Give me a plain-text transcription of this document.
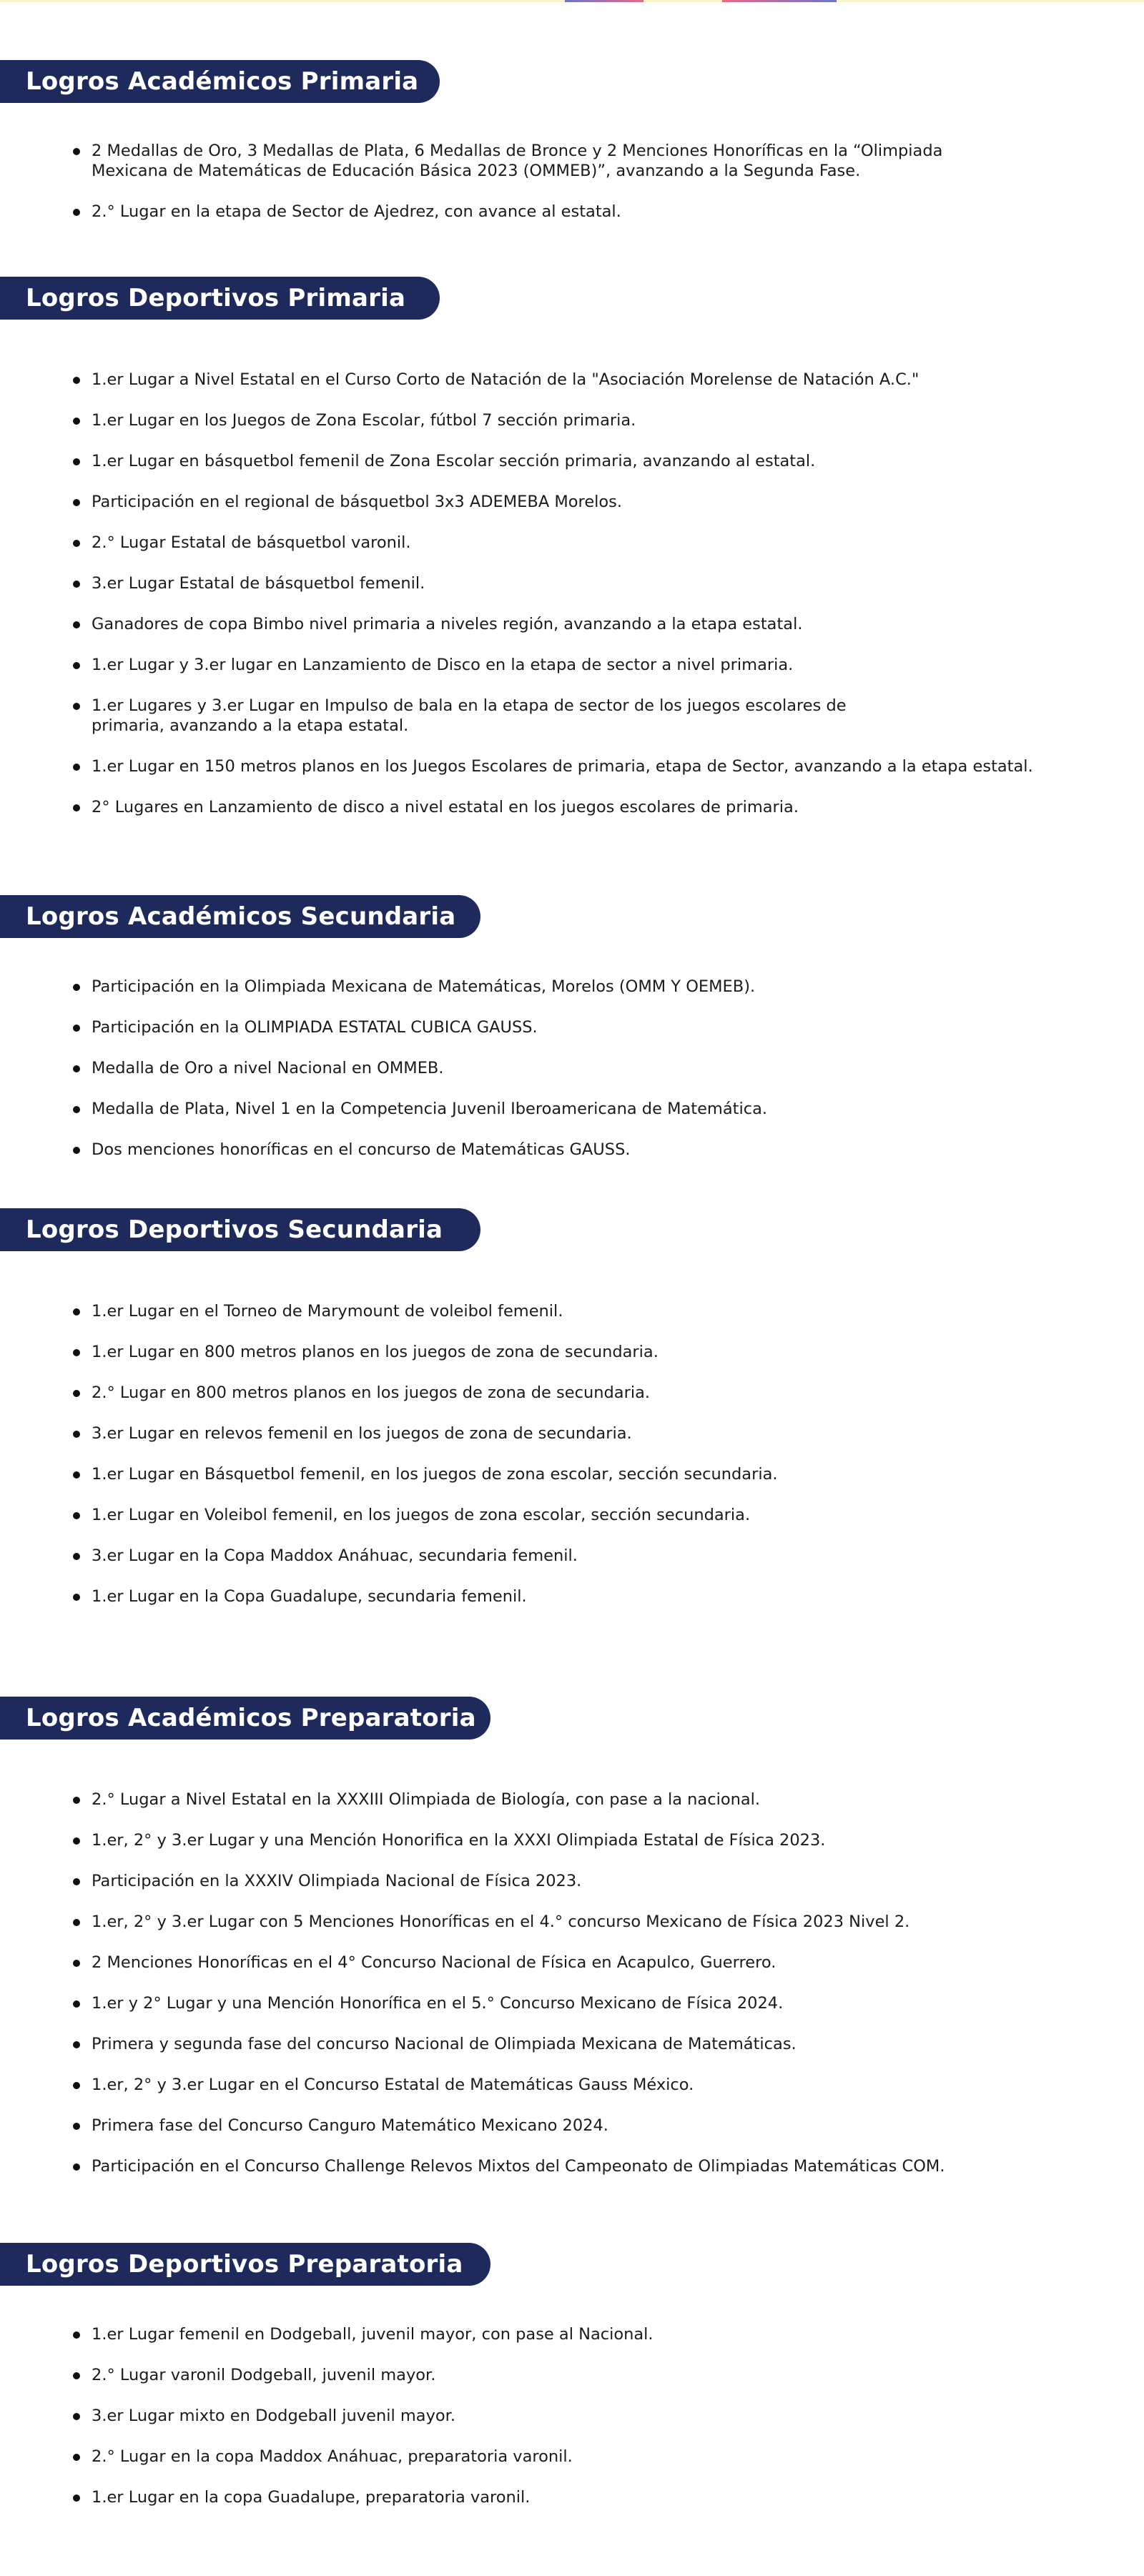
Logros Académicos Primaria
2 Medallas de Oro, 3 Medallas de Plata, 6 Medallas de Bronce y 2 Menciones Honoríficas en la “Olimpiada Mexicana de Matemáticas de Educación Básica 2023 (OMMEB)”, avanzando a la Segunda Fase.
2.° Lugar en la etapa de Sector de Ajedrez, con avance al estatal.
Logros Deportivos Primaria
1.er Lugar a Nivel Estatal en el Curso Corto de Natación de la "Asociación Morelense de Natación A.C."
1.er Lugar en los Juegos de Zona Escolar, fútbol 7 sección primaria.
1.er Lugar en básquetbol femenil de Zona Escolar sección primaria, avanzando al estatal.
Participación en el regional de básquetbol 3x3 ADEMEBA Morelos.
2.° Lugar Estatal de básquetbol varonil.
3.er Lugar Estatal de básquetbol femenil.
Ganadores de copa Bimbo nivel primaria a niveles región, avanzando a la etapa estatal.
1.er Lugar y 3.er lugar en Lanzamiento de Disco en la etapa de sector a nivel primaria.
1.er Lugares y 3.er Lugar en Impulso de bala en la etapa de sector de los juegos escolares de primaria, avanzando a la etapa estatal.
1.er Lugar en 150 metros planos en los Juegos Escolares de primaria, etapa de Sector, avanzando a la etapa estatal.
2° Lugares en Lanzamiento de disco a nivel estatal en los juegos escolares de primaria.
Logros Académicos Secundaria
Participación en la Olimpiada Mexicana de Matemáticas, Morelos (OMM Y OEMEB).
Participación en la OLIMPIADA ESTATAL CUBICA GAUSS.
Medalla de Oro a nivel Nacional en OMMEB.
Medalla de Plata, Nivel 1 en la Competencia Juvenil Iberoamericana de Matemática.
Dos menciones honoríficas en el concurso de Matemáticas GAUSS.
Logros Deportivos Secundaria
1.er Lugar en el Torneo de Marymount de voleibol femenil.
1.er Lugar en 800 metros planos en los juegos de zona de secundaria.
2.° Lugar en 800 metros planos en los juegos de zona de secundaria.
3.er Lugar en relevos femenil en los juegos de zona de secundaria.
1.er Lugar en Básquetbol femenil, en los juegos de zona escolar, sección secundaria.
1.er Lugar en Voleibol femenil, en los juegos de zona escolar, sección secundaria.
3.er Lugar en la Copa Maddox Anáhuac, secundaria femenil.
1.er Lugar en la Copa Guadalupe, secundaria femenil.
Logros Académicos Preparatoria
2.° Lugar a Nivel Estatal en la XXXIII Olimpiada de Biología, con pase a la nacional.
1.er, 2° y 3.er Lugar y una Mención Honorifica en la XXXI Olimpiada Estatal de Física 2023.
Participación en la XXXIV Olimpiada Nacional de Física 2023.
1.er, 2° y 3.er Lugar con 5 Menciones Honoríficas en el 4.° concurso Mexicano de Física 2023 Nivel 2.
2 Menciones Honoríficas en el 4° Concurso Nacional de Física en Acapulco, Guerrero.
1.er y 2° Lugar y una Mención Honorífica en el 5.° Concurso Mexicano de Física 2024.
Primera y segunda fase del concurso Nacional de Olimpiada Mexicana de Matemáticas.
1.er, 2° y 3.er Lugar en el Concurso Estatal de Matemáticas Gauss México.
Primera fase del Concurso Canguro Matemático Mexicano 2024.
Participación en el Concurso Challenge Relevos Mixtos del Campeonato de Olimpiadas Matemáticas COM.
Logros Deportivos Preparatoria
1.er Lugar femenil en Dodgeball, juvenil mayor, con pase al Nacional.
2.° Lugar varonil Dodgeball, juvenil mayor.
3.er Lugar mixto en Dodgeball juvenil mayor.
2.° Lugar en la copa Maddox Anáhuac, preparatoria varonil.
1.er Lugar en la copa Guadalupe, preparatoria varonil.
